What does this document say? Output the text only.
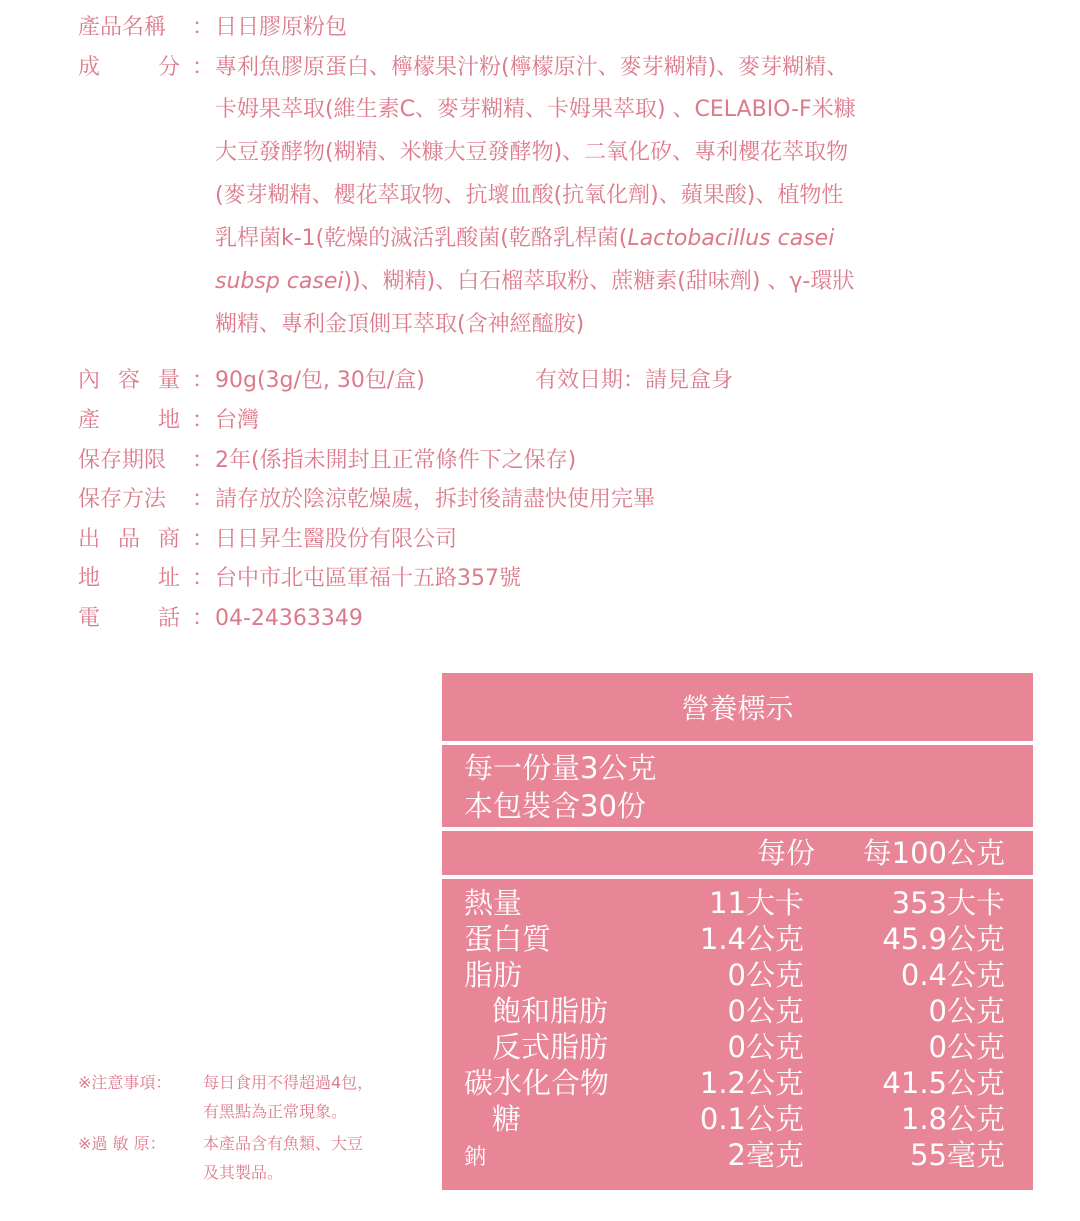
產品名稱 ： 日日膠原粉包
成	分 ： 專利魚膠原蛋白、檸檬果汁粉(檸檬原汁、麥芽糊精)、麥芽糊精、
卡姆果萃取(維生素C、麥芽糊精、卡姆果萃取) 、CELABIO-F米糠
大豆發酵物(糊精、米糠大豆發酵物)、二氧化矽、專利櫻花萃取物
(麥芽糊精、櫻花萃取物、抗壞血酸(抗氧化劑)、蘋果酸)、植物性
乳桿菌k-1(乾燥的滅活乳酸菌(乾酪乳桿菌(Lactobacillus casei
subsp casei))、糊精)、白石榴萃取粉、蔗糖素(甜味劑) 、γ-環狀
糊精、專利金頂側耳萃取(含神經醯胺)
內 容 量 ： 90g(3g/包, 30包/盒)	有效日期：請見盒身
產	地 ： 台灣
保存期限 ： 2年(係指未開封且正常條件下之保存)
保存方法 ： 請存放於陰涼乾燥處，拆封後請盡快使用完畢
出 品 商 ： 日日昇生醫股份有限公司
地	址 ： 台中市北屯區軍福十五路357號
電	話 ： 04-24363349
※注意事項： 每日食用不得超過4包，
有黑點為正常現象。
※過 敏 原： 本產品含有魚類、大豆
及其製品。
營養標示
每一份量3公克
本包裝含30份
每份	每100公克
熱量	11大卡	353大卡
蛋白質	1.4公克	45.9公克
脂肪	0公克	0.4公克
飽和脂肪	0公克	0公克
反式脂肪	0公克	0公克
碳水化合物	1.2公克	41.5公克
糖	0.1公克	1.8公克
鈉	2毫克	55毫克
